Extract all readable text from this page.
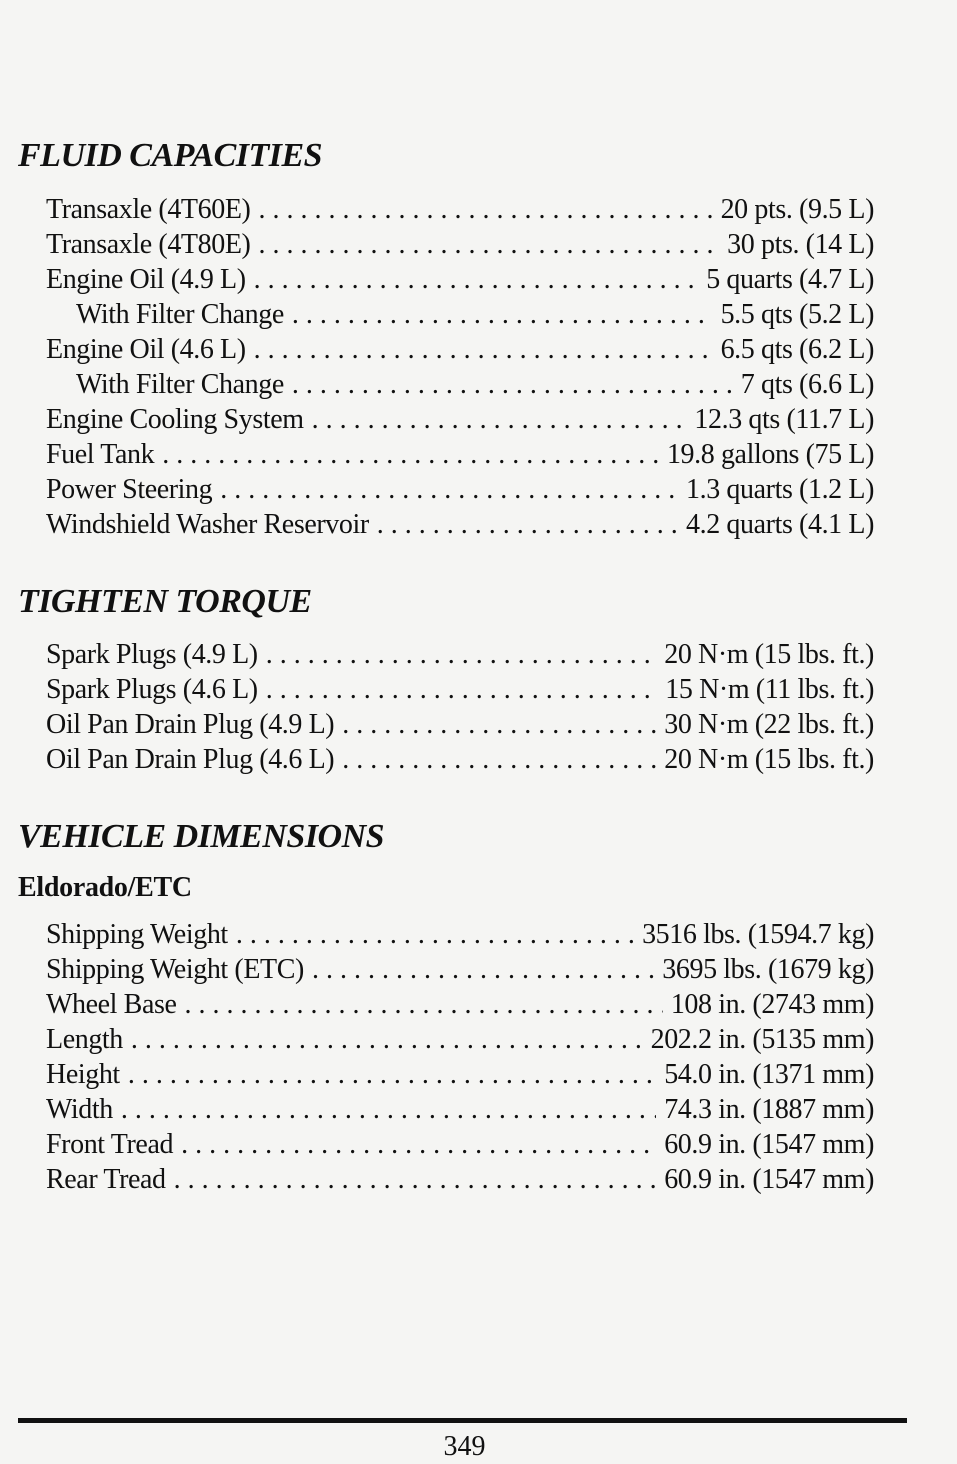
FLUID CAPACITIES
Transaxle (4T60E) . . .	20 pts. (9.5 L)
Transaxle (4T80E) . . .	30 pts. (14 L)
Engine Oil (4.9 L) . . .	5 quarts (4.7 L)
With Filter Change . . .	5.5 qts (5.2 L)
Engine Oil (4.6 L) . . .	6.5 qts (6.2 L)
With Filter Change . . .	7 qts (6.6 L)
Engine Cooling System . . .	12.3 qts (11.7 L)
Fuel Tank . . .	19.8 gallons (75 L)
Power Steering . . .	1.3 quarts (1.2 L)
Windshield Washer Reservoir . . .	4.2 quarts (4.1 L)
TIGHTEN TORQUE
Spark Plugs (4.9 L) . . .	20 N·m (15 lbs. ft.)
Spark Plugs (4.6 L) . . .	15 N·m (11 lbs. ft.)
Oil Pan Drain Plug (4.9 L) . . .	30 N·m (22 lbs. ft.)
Oil Pan Drain Plug (4.6 L) . . .	20 N·m (15 lbs. ft.)
VEHICLE DIMENSIONS
Eldorado/ETC
Shipping Weight . . .	3516 lbs. (1594.7 kg)
Shipping Weight (ETC) . . .	3695 lbs. (1679 kg)
Wheel Base . . .	108 in. (2743 mm)
Length . . .	202.2 in. (5135 mm)
Height . . .	54.0 in. (1371 mm)
Width . . .	74.3 in. (1887 mm)
Front Tread . . .	60.9 in. (1547 mm)
Rear Tread . . .	60.9 in. (1547 mm)
349
